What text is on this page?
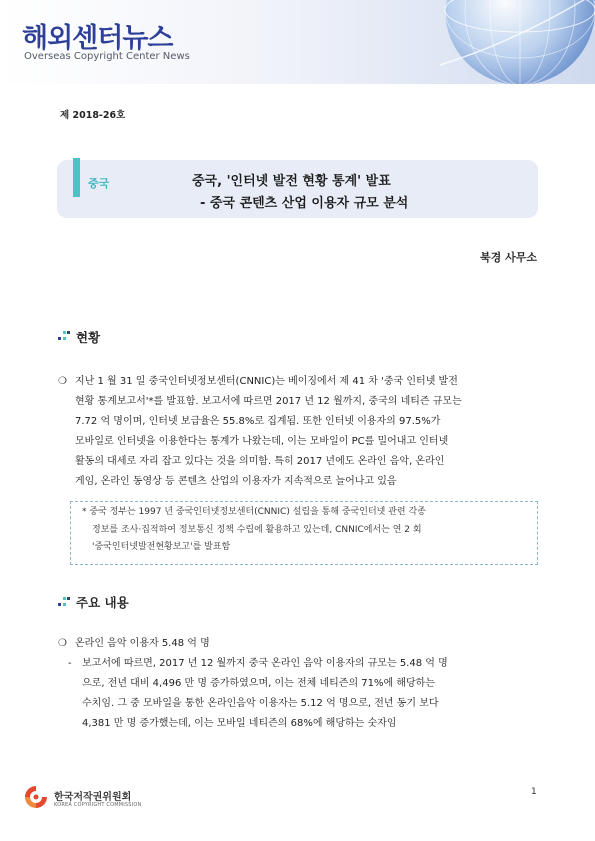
해외센터뉴스
Overseas Copyright Center News
제 2018-26호
중국	중국, '인터넷 발전 현황 통계' 발표
- 중국 콘텐츠 산업 이용자 규모 분석
북경 사무소
현황
❍ 지난 1 월 31 일 중국인터넷정보센터(CNNIC)는 베이징에서 제 41 차 '중국 인터넷 발전
현황 통계보고서'*를 발표함. 보고서에 따르면 2017 년 12 월까지, 중국의 네티즌 규모는
7.72 억 명이며, 인터넷 보급율은 55.8%로 집계됨. 또한 인터넷 이용자의 97.5%가
모바일로 인터넷을 이용한다는 통계가 나왔는데, 이는 모바일이 PC를 밀어내고 인터넷
활동의 대세로 자리 잡고 있다는 것을 의미함. 특히 2017 년에도 온라인 음악, 온라인
게임, 온라인 동영상 등 콘텐츠 산업의 이용자가 지속적으로 늘어나고 있음
* 중국 정부는 1997 년 중국인터넷정보센터(CNNIC) 설립을 통해 중국인터넷 관련 각종
정보를 조사·집적하여 정보통신 정책 수립에 활용하고 있는데, CNNIC에서는 연 2 회
'중국인터넷발전현황보고'를 발표함
주요 내용
❍ 온라인 음악 이용자 5.48 억 명
- 보고서에 따르면, 2017 년 12 월까지 중국 온라인 음악 이용자의 규모는 5.48 억 명
으로, 전년 대비 4,496 만 명 증가하였으며, 이는 전체 네티즌의 71%에 해당하는
수치임. 그 중 모바일을 통한 온라인음악 이용자는 5.12 억 명으로, 전년 동기 보다
4,381 만 명 증가했는데, 이는 모바일 네티즌의 68%에 해당하는 숫자임
한국저작권위원회
KOREA COPYRIGHT COMMISSION
1
